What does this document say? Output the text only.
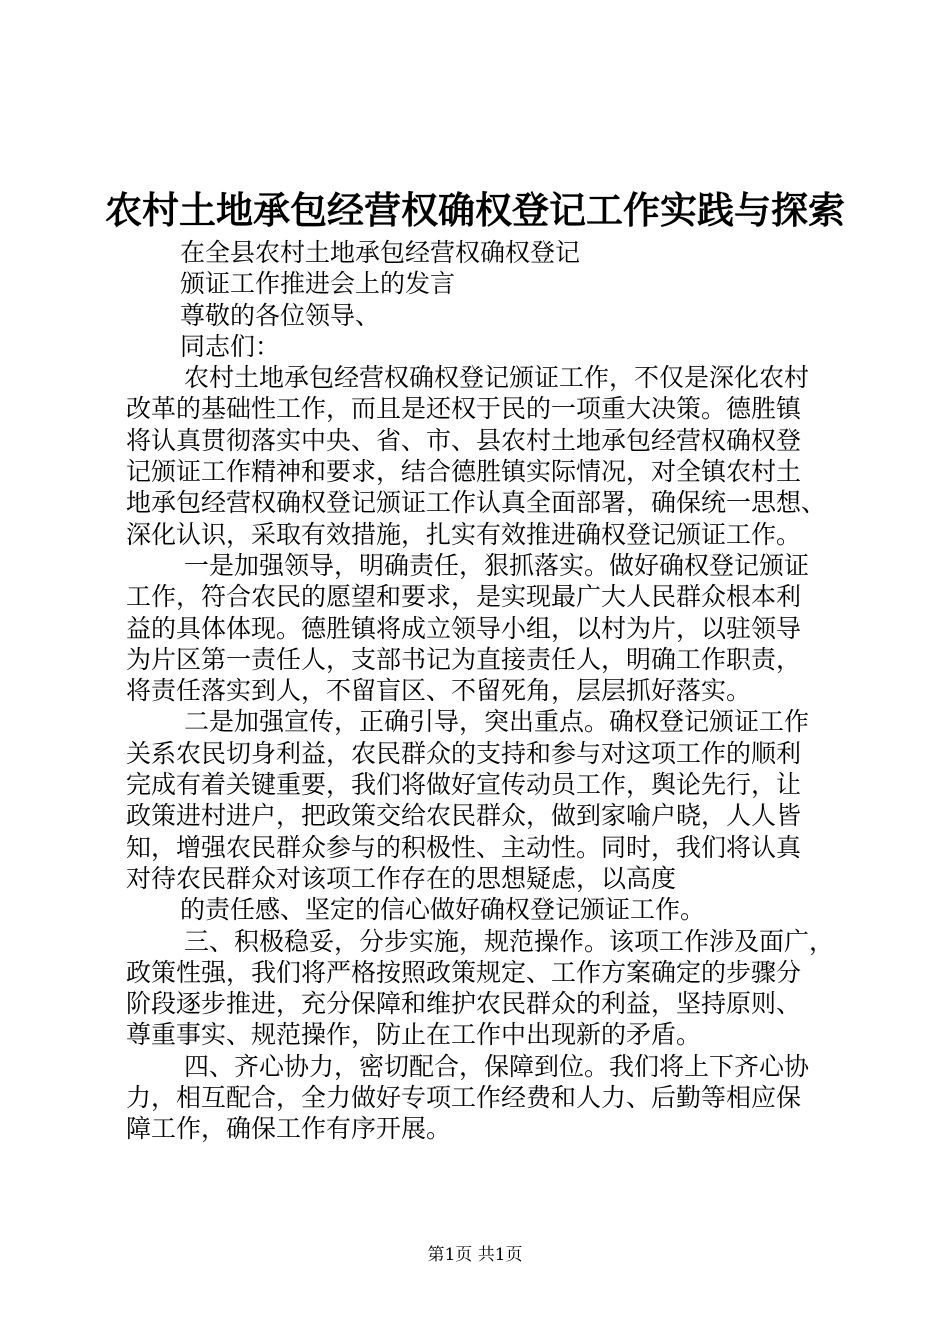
农村土地承包经营权确权登记工作实践与探索
在全县农村土地承包经营权确权登记
颁证工作推进会上的发言
尊敬的各位领导、
同志们：
农村土地承包经营权确权登记颁证工作，不仅是深化农村
改革的基础性工作，而且是还权于民的一项重大决策。德胜镇
将认真贯彻落实中央、省、市、县农村土地承包经营权确权登
记颁证工作精神和要求，结合德胜镇实际情况，对全镇农村土
地承包经营权确权登记颁证工作认真全面部署，确保统一思想、
深化认识，采取有效措施，扎实有效推进确权登记颁证工作。
一是加强领导，明确责任，狠抓落实。做好确权登记颁证
工作，符合农民的愿望和要求，是实现最广大人民群众根本利
益的具体体现。德胜镇将成立领导小组，以村为片，以驻领导
为片区第一责任人，支部书记为直接责任人，明确工作职责，
将责任落实到人，不留盲区、不留死角，层层抓好落实。
二是加强宣传，正确引导，突出重点。确权登记颁证工作
关系农民切身利益，农民群众的支持和参与对这项工作的顺利
完成有着关键重要，我们将做好宣传动员工作，舆论先行，让
政策进村进户，把政策交给农民群众，做到家喻户晓，人人皆
知，增强农民群众参与的积极性、主动性。同时，我们将认真
对待农民群众对该项工作存在的思想疑虑，以高度
的责任感、坚定的信心做好确权登记颁证工作。
三、积极稳妥，分步实施，规范操作。该项工作涉及面广，
政策性强，我们将严格按照政策规定、工作方案确定的步骤分
阶段逐步推进，充分保障和维护农民群众的利益，坚持原则、
尊重事实、规范操作，防止在工作中出现新的矛盾。
四、齐心协力，密切配合，保障到位。我们将上下齐心协
力，相互配合，全力做好专项工作经费和人力、后勤等相应保
障工作，确保工作有序开展。
第1页 共1页
